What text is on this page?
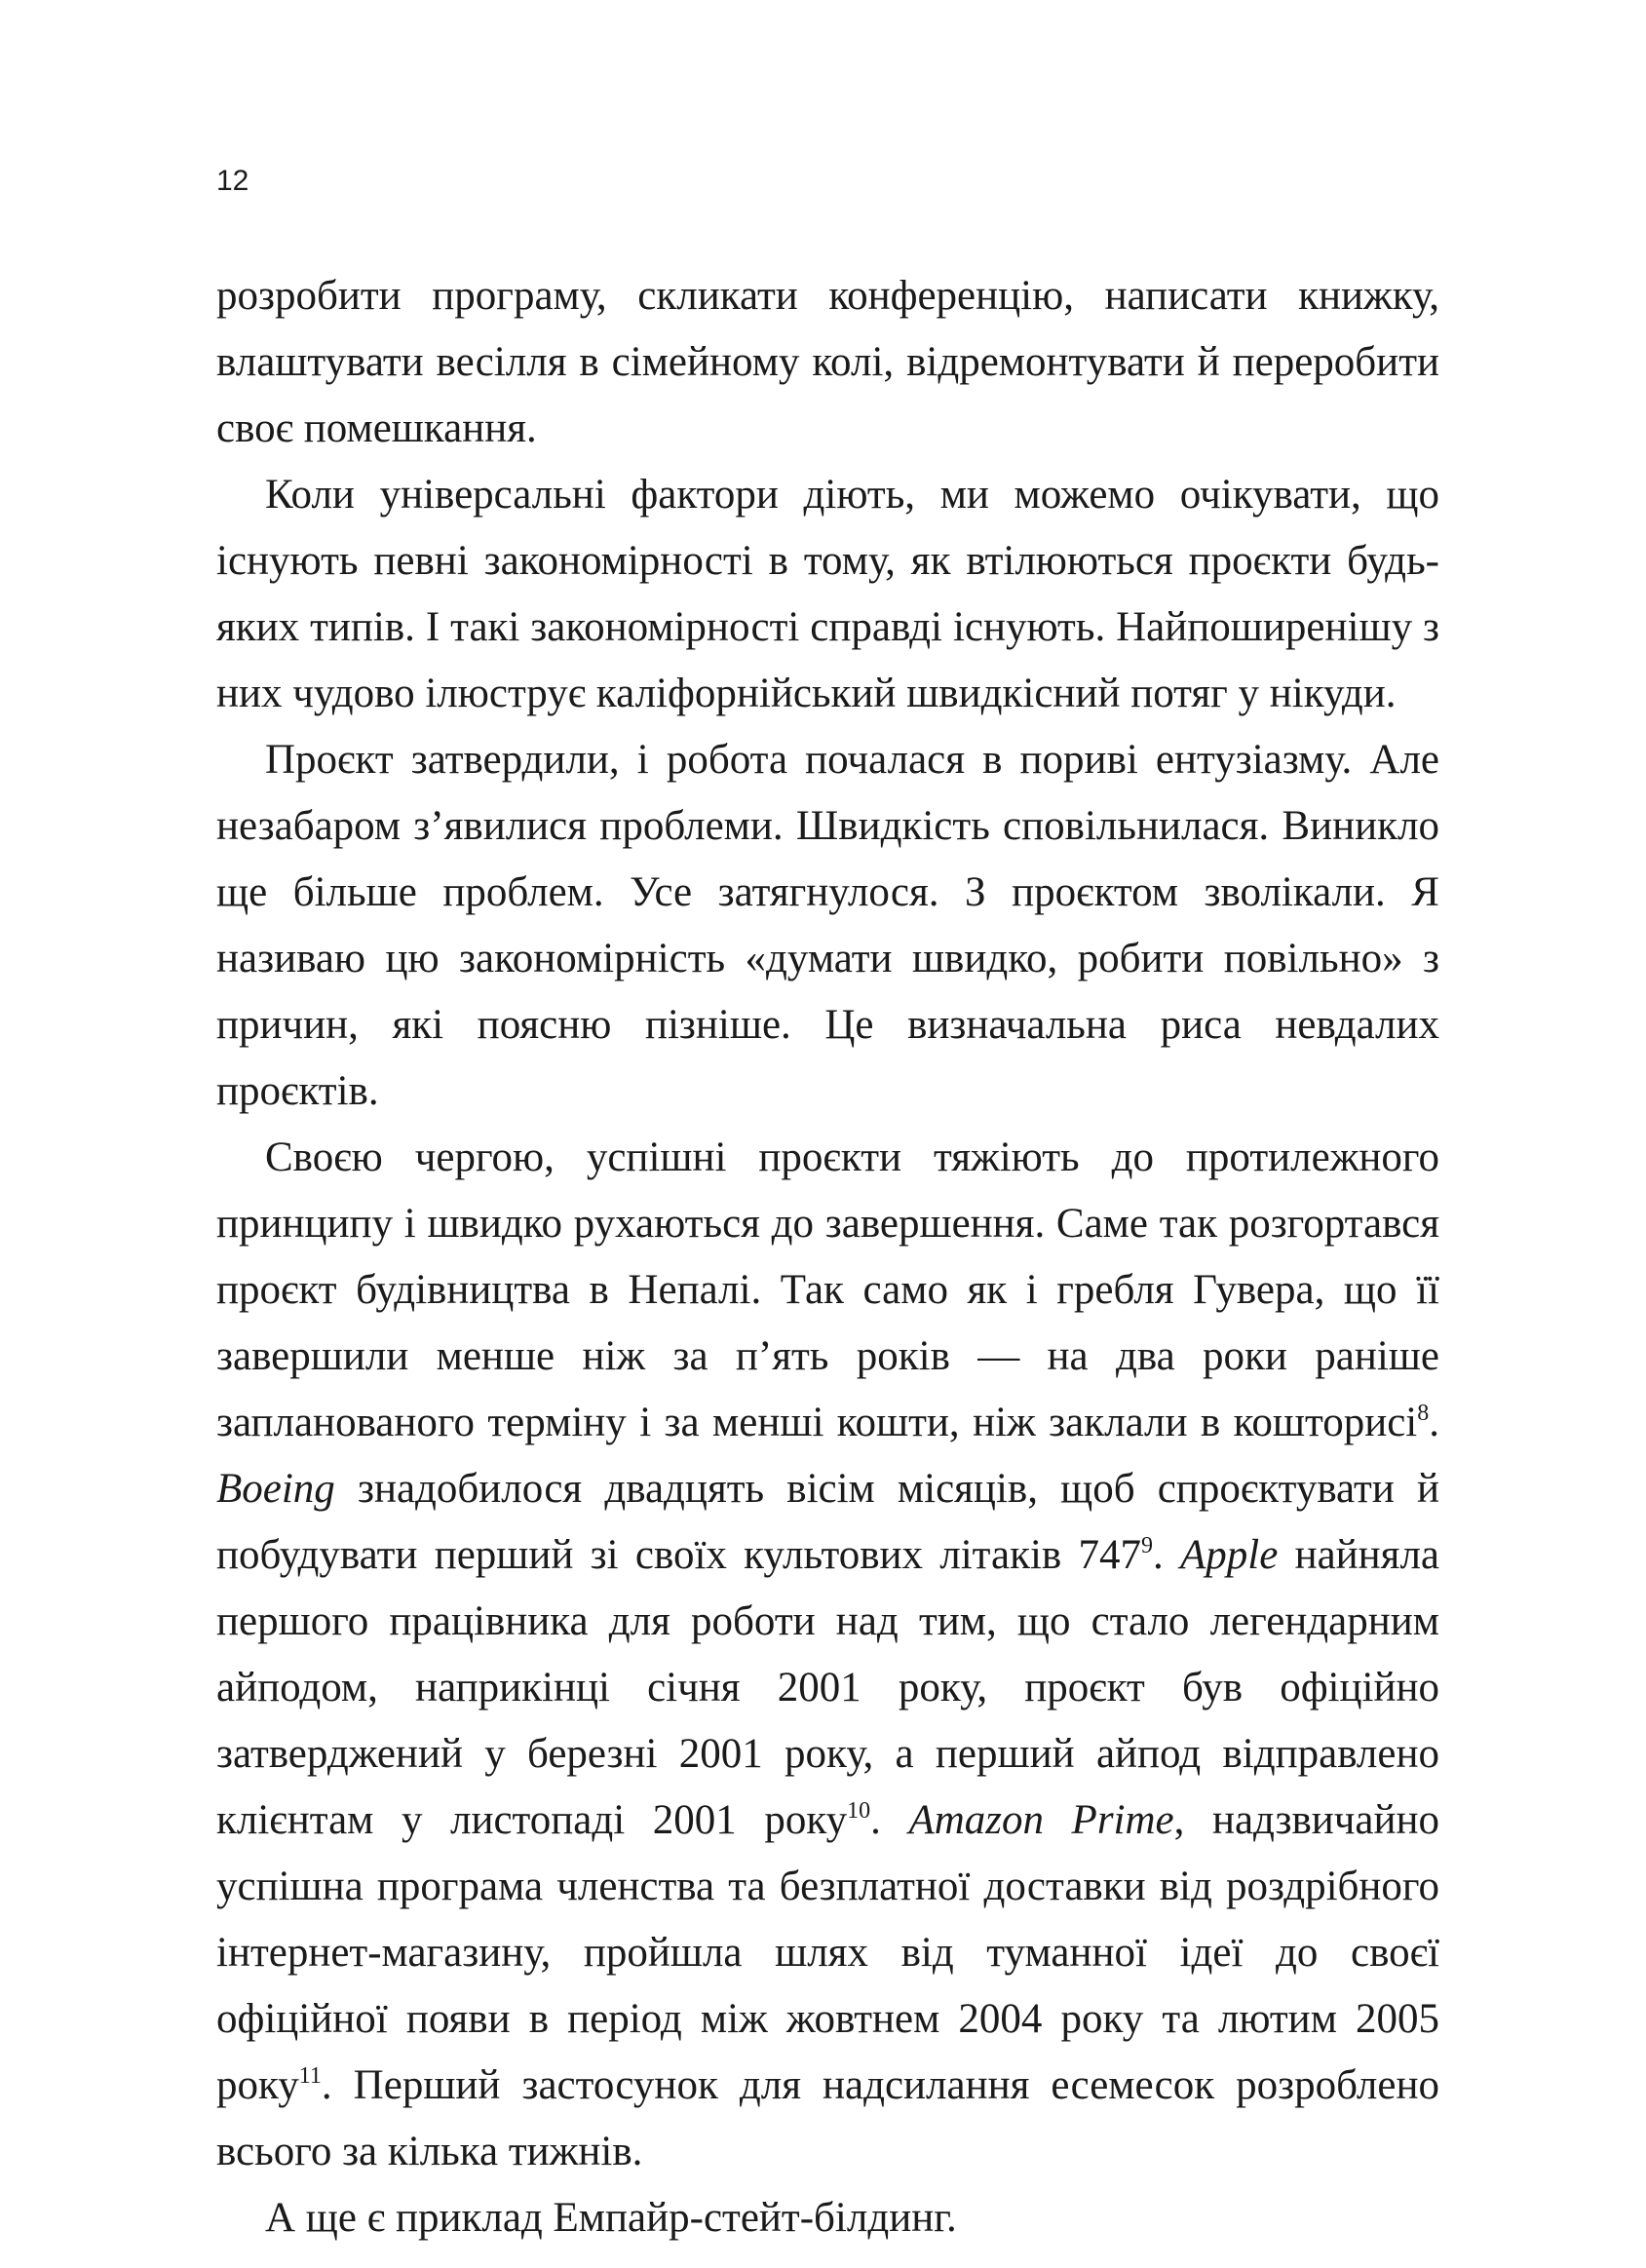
12

розробити програму, скликати конференцію, написати книжку, влаштувати весілля в сімейному колі, відремонтувати й переробити своє помешкання.

Коли універсальні фактори діють, ми можемо очікувати, що існують певні закономірності в тому, як втілюються проєкти будь-яких типів. І такі закономірності справді існують. Найпоширенішу з них чудово ілюструє каліфорнійський швидкісний потяг у нікуди.

Проєкт затвердили, і робота почалася в пориві ентузіазму. Але незабаром з’явилися проблеми. Швидкість сповільнилася. Виникло ще більше проблем. Усе затягнулося. З проєктом зволікали. Я називаю цю закономірність «думати швидко, робити повільно» з причин, які поясню пізніше. Це визначальна риса невдалих проєктів.

Своєю чергою, успішні проєкти тяжіють до протилежного принципу і швидко рухаються до завершення. Саме так розгортався проєкт будівництва в Непалі. Так само як і гребля Гувера, що її завершили менше ніж за п’ять років — на два роки раніше запланованого терміну і за менші кошти, ніж заклали в кошторисі$^8$. Boeing знадобилося двадцять вісім місяців, щоб спроєктувати й побудувати перший зі своїх культових літаків $747^9$. Apple найняла першого працівника для роботи над тим, що стало легендарним айподом, наприкінці січня 2001 року, проєкт був офіційно затверджений у березні 2001 року, а перший айпод відправлено клієнтам у листопаді 2001 року$^{10}$. Amazon Prime, надзвичайно успішна програма членства та безплатної доставки від роздрібного інтернет-магазину, пройшла шлях від туманної ідеї до своєї офіційної появи в період між жовтнем 2004 року та лютим 2005 року$^{11}$. Перший застосунок для надсилання есемесок розроблено всього за кілька тижнів.

А ще є приклад Емпайр-стейт-білдинг.
